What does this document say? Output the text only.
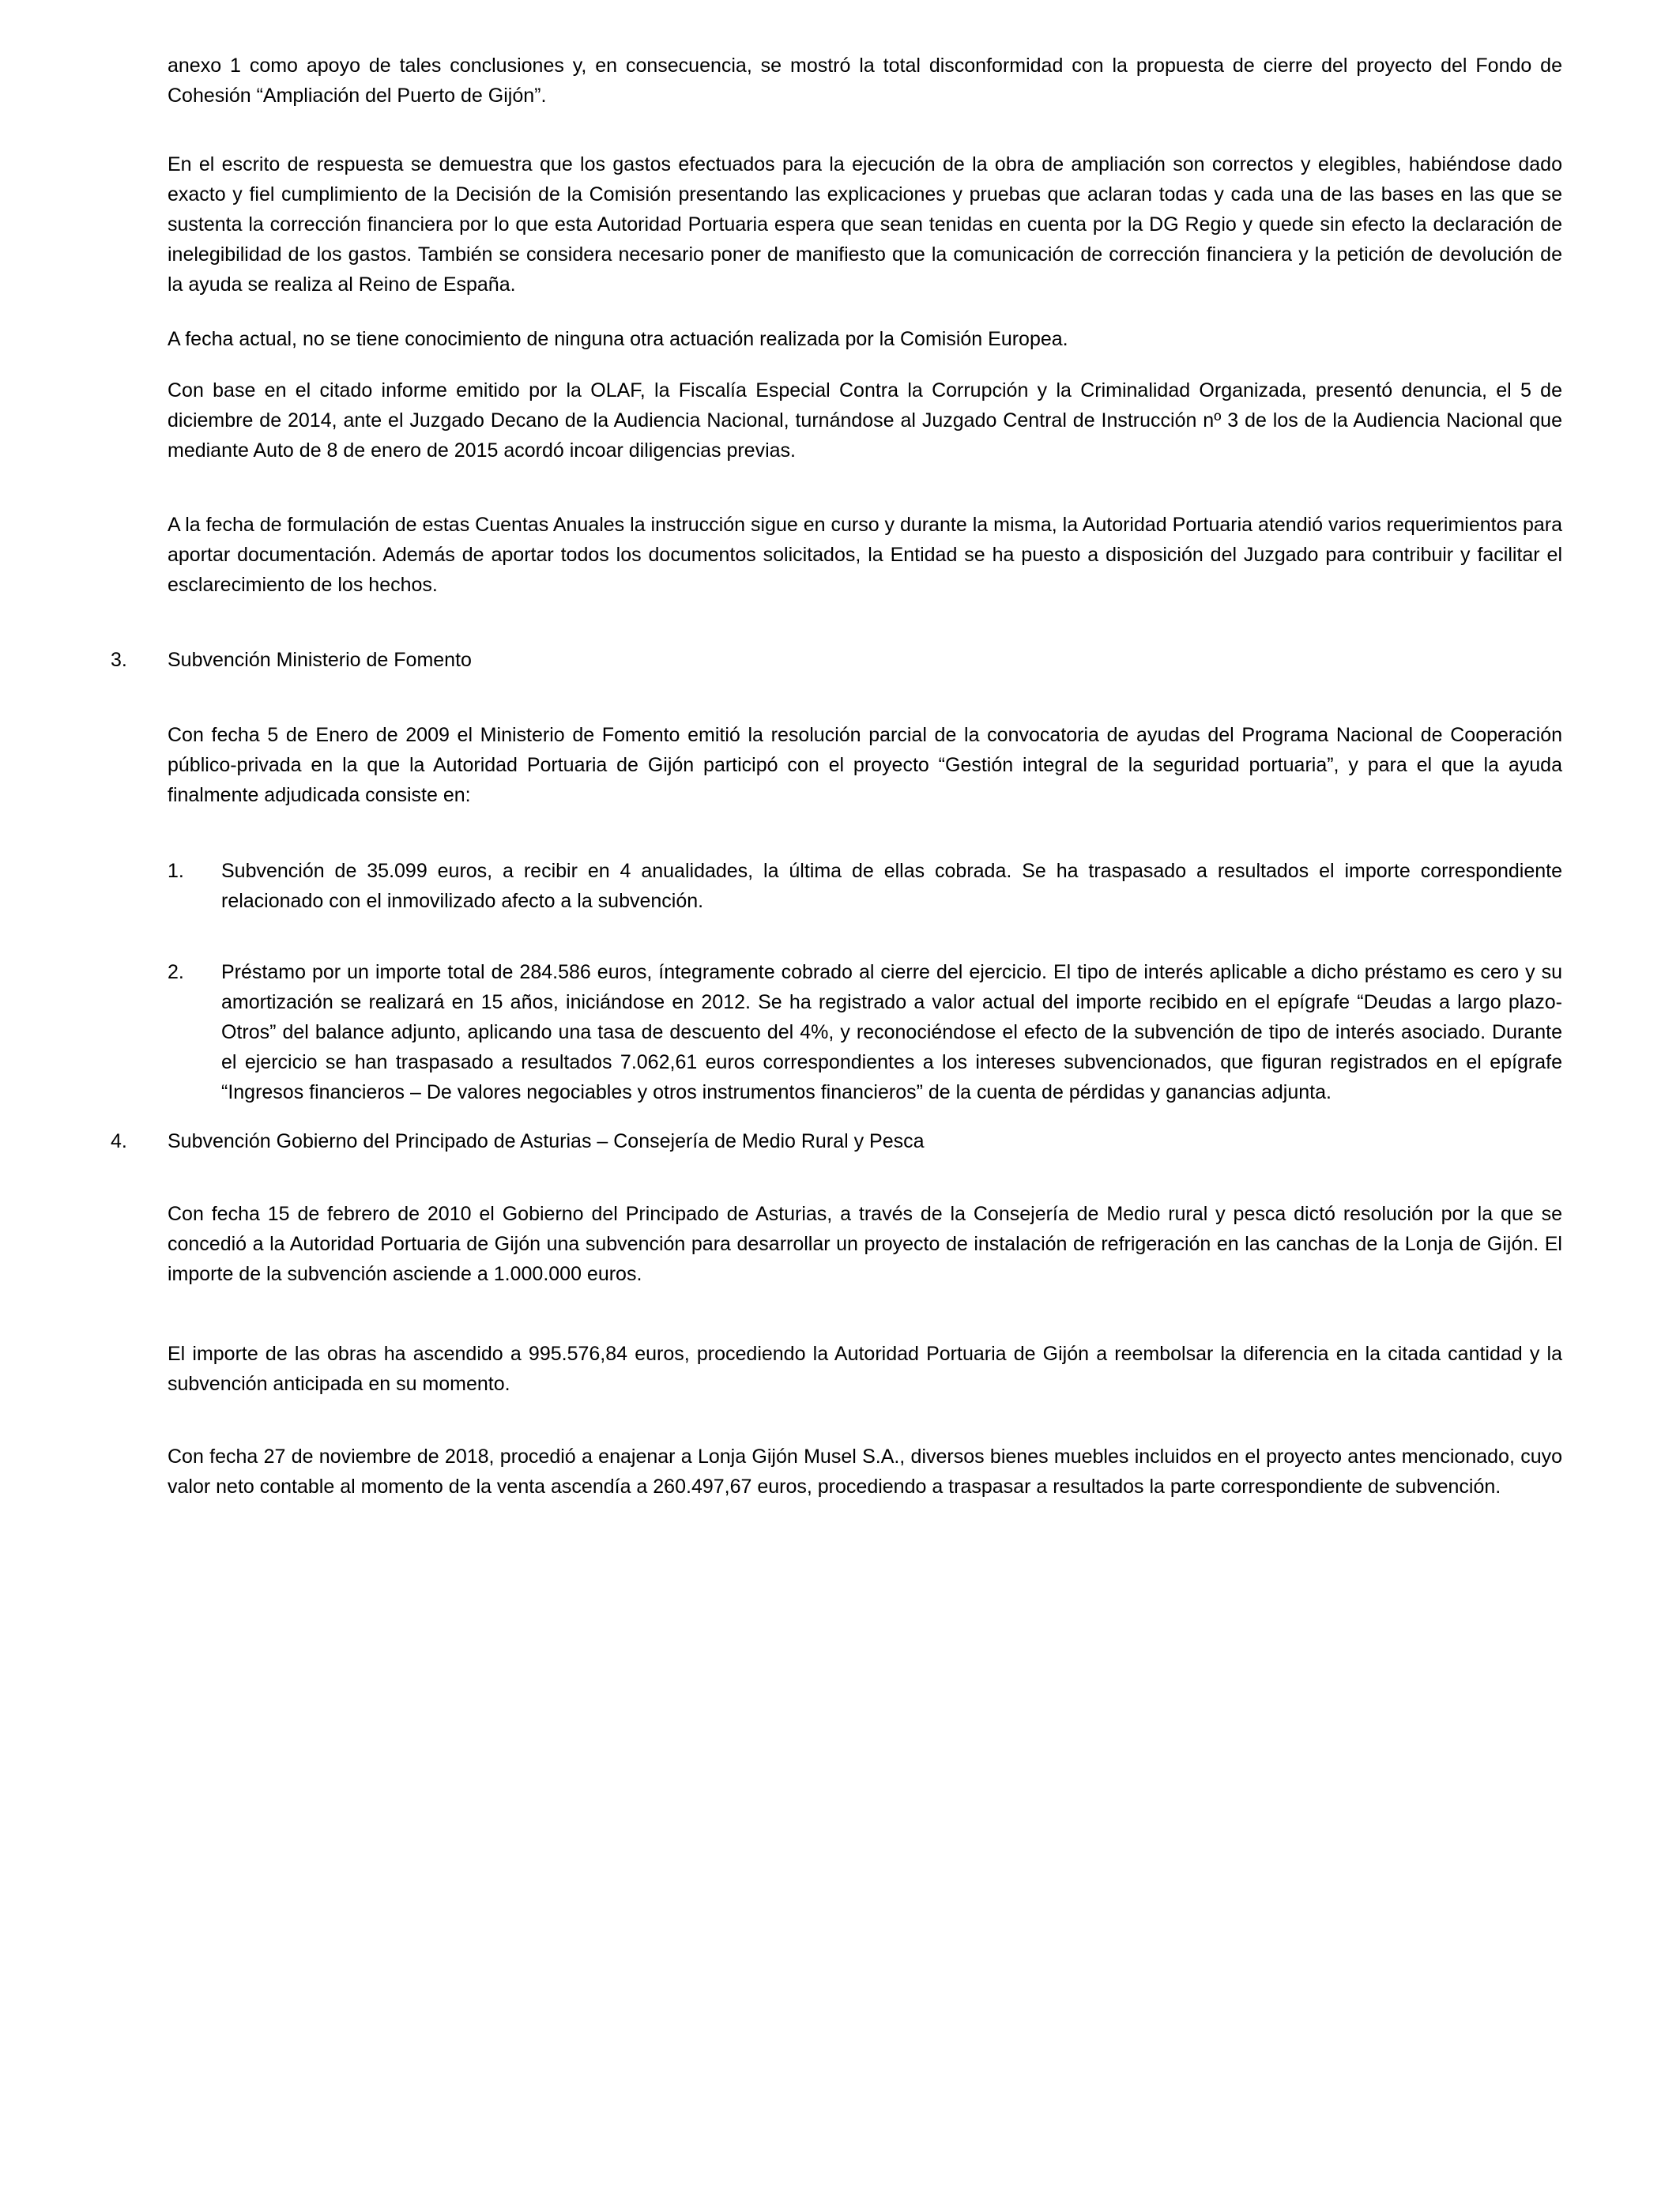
anexo 1 como apoyo de tales conclusiones y, en consecuencia, se mostró la total disconformidad con la propuesta de cierre del proyecto del Fondo de Cohesión “Ampliación del Puerto de Gijón”.

En el escrito de respuesta se demuestra que los gastos efectuados para la ejecución de la obra de ampliación son correctos y elegibles, habiéndose dado exacto y fiel cumplimiento de la Decisión de la Comisión presentando las explicaciones y pruebas que aclaran todas y cada una de las bases en las que se sustenta la corrección financiera por lo que esta Autoridad Portuaria espera que sean tenidas en cuenta por la DG Regio y quede sin efecto la declaración de inelegibilidad de los gastos. También se considera necesario poner de manifiesto que la comunicación de corrección financiera y la petición de devolución de la ayuda se realiza al Reino de España.

A fecha actual, no se tiene conocimiento de ninguna otra actuación realizada por la Comisión Europea.

Con base en el citado informe emitido por la OLAF, la Fiscalía Especial Contra la Corrupción y la Criminalidad Organizada, presentó denuncia, el 5 de diciembre de 2014, ante el Juzgado Decano de la Audiencia Nacional, turnándose al Juzgado Central de Instrucción nº 3 de los de la Audiencia Nacional que mediante Auto de 8 de enero de 2015 acordó incoar diligencias previas.

A la fecha de formulación de estas Cuentas Anuales la instrucción sigue en curso y durante la misma, la Autoridad Portuaria atendió varios requerimientos para aportar documentación. Además de aportar todos los documentos solicitados, la Entidad se ha puesto a disposición del Juzgado para contribuir y facilitar el esclarecimiento de los hechos.

3.	Subvención Ministerio de Fomento

Con fecha 5 de Enero de 2009 el Ministerio de Fomento emitió la resolución parcial de la convocatoria de ayudas del Programa Nacional de Cooperación público-privada en la que la Autoridad Portuaria de Gijón participó con el proyecto “Gestión integral de la seguridad portuaria”, y para el que la ayuda finalmente adjudicada consiste en:

1.	Subvención de 35.099 euros, a recibir en 4 anualidades, la última de ellas cobrada. Se ha traspasado a resultados el importe correspondiente relacionado con el inmovilizado afecto a la subvención.
2.	Préstamo por un importe total de 284.586 euros, íntegramente cobrado al cierre del ejercicio. El tipo de interés aplicable a dicho préstamo es cero y su amortización se realizará en 15 años, iniciándose en 2012. Se ha registrado a valor actual del importe recibido en el epígrafe “Deudas a largo plazo-Otros” del balance adjunto, aplicando una tasa de descuento del 4%, y reconociéndose el efecto de la subvención de tipo de interés asociado. Durante el ejercicio se han traspasado a resultados 7.062,61 euros correspondientes a los intereses subvencionados, que figuran registrados en el epígrafe “Ingresos financieros – De valores negociables y otros instrumentos financieros” de la cuenta de pérdidas y ganancias adjunta.
4.	Subvención Gobierno del Principado de Asturias – Consejería de Medio Rural y Pesca

Con fecha 15 de febrero de 2010 el Gobierno del Principado de Asturias, a través de la Consejería de Medio rural y pesca dictó resolución por la que se concedió a la Autoridad Portuaria de Gijón una subvención para desarrollar un proyecto de instalación de refrigeración en las canchas de la Lonja de Gijón. El importe de la subvención asciende a 1.000.000 euros.

El importe de las obras ha ascendido a 995.576,84 euros, procediendo la Autoridad Portuaria de Gijón a reembolsar la diferencia en la citada cantidad y la subvención anticipada en su momento.

Con fecha 27 de noviembre de 2018, procedió a enajenar a Lonja Gijón Musel S.A., diversos bienes muebles incluidos en el proyecto antes mencionado, cuyo valor neto contable al momento de la venta ascendía a 260.497,67 euros, procediendo a traspasar a resultados la parte correspondiente de subvención.
